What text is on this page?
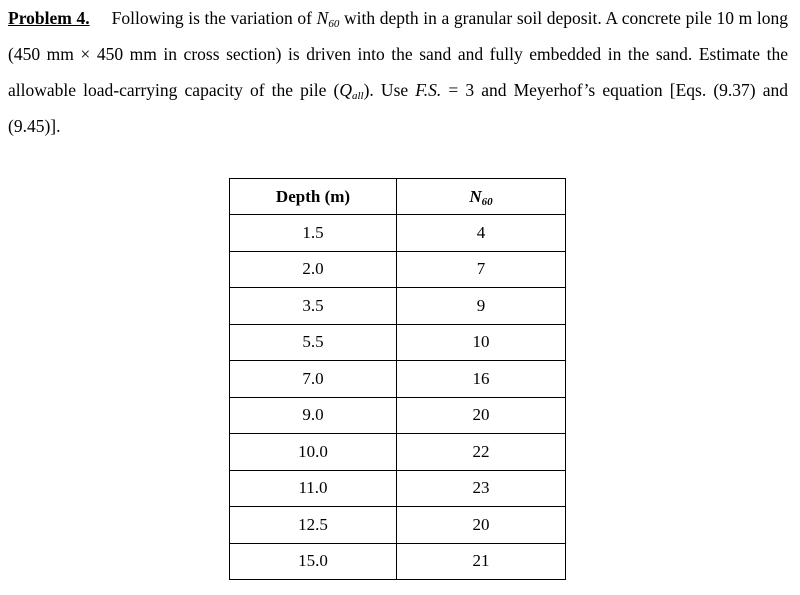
Problem 4. Following is the variation of $N_{60}$ with depth in a granular soil deposit. A concrete pile 10 m long (450 mm × 450 mm in cross section) is driven into the sand and fully embedded in the sand. Estimate the allowable load-carrying capacity of the pile $(Q_{all})$. Use F.S. = 3 and Meyerhof’s equation [Eqs. (9.37) and (9.45)].
Depth (m)	$N_{60}$
1.5	4
2.0	7
3.5	9
5.5	10
7.0	16
9.0	20
10.0	22
11.0	23
12.5	20
15.0	21
